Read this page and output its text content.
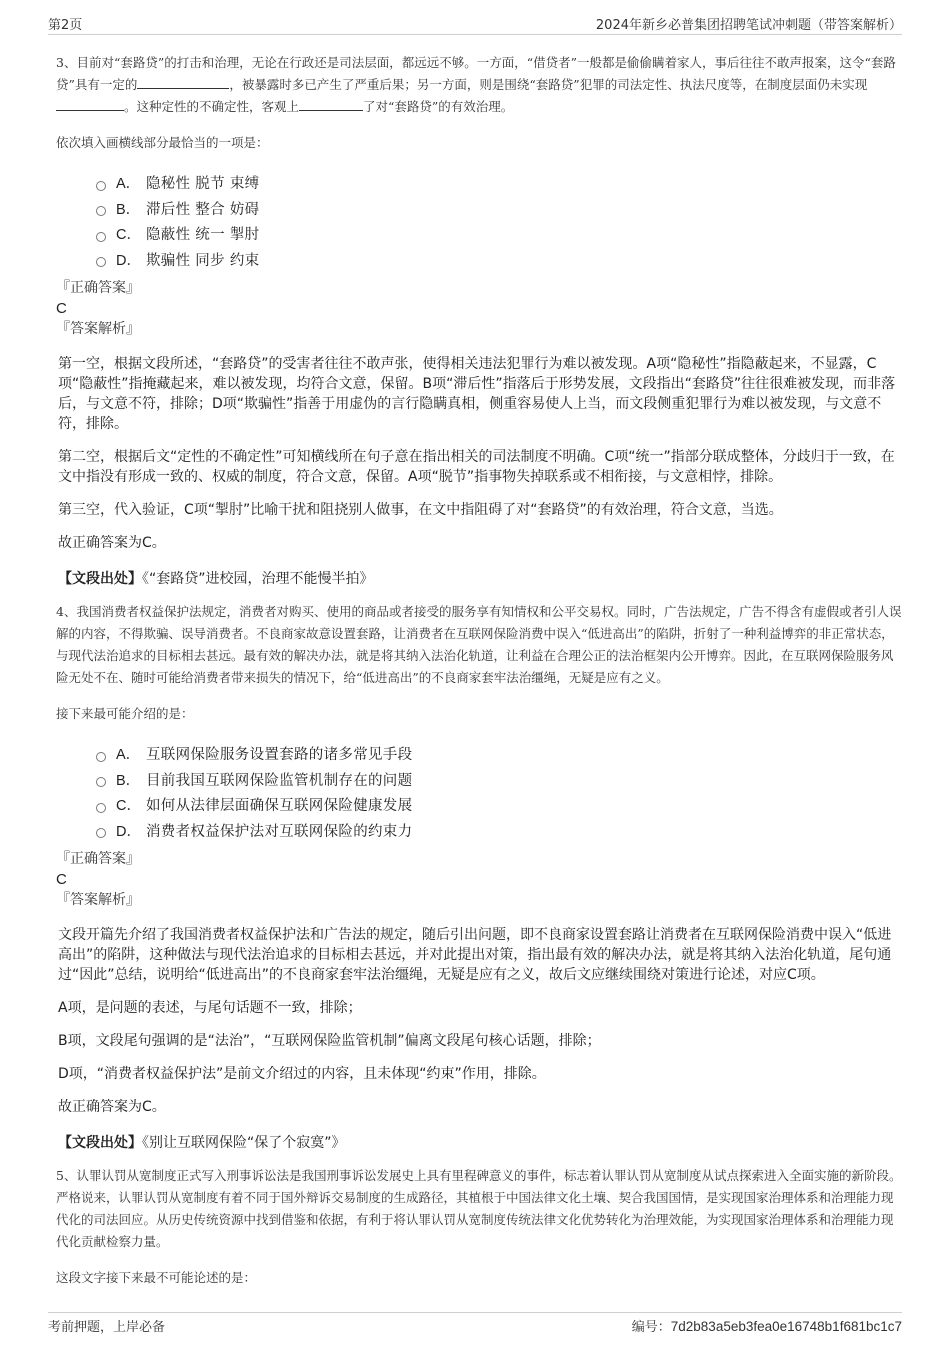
第2页	2024年新乡必普集团招聘笔试冲刺题（带答案解析）

3、目前对“套路贷”的打击和治理，无论在行政还是司法层面，都远远不够。一方面，“借贷者”一般都是偷偷瞒着家人，事后往往不敢声报案，这令“套路贷”具有一定的	，被暴露时多已产生了严重后果；另一方面，则是围绕“套路贷”犯罪的司法定性、执法尺度等，在制度层面仍未实现。这种定性的不确定性，客观上	了对“套路贷”的有效治理。

依次填入画横线部分最恰当的一项是：

A． 隐秘性 脱节 束缚
B． 滞后性 整合 妨碍
C． 隐蔽性 统一 掣肘
D． 欺骗性 同步 约束

『正确答案』

C

『答案解析』

第一空，根据文段所述，“套路贷”的受害者往往不敢声张，使得相关违法犯罪行为难以被发现。A项“隐秘性”指隐蔽起来，不显露，C项“隐蔽性”指掩藏起来，难以被发现，均符合文意，保留。B项“滞后性”指落后于形势发展，文段指出“套路贷”往往很难被发现，而非落后，与文意不符，排除；D项“欺骗性”指善于用虚伪的言行隐瞒真相，侧重容易使人上当，而文段侧重犯罪行为难以被发现，与文意不符，排除。

第二空，根据后文“定性的不确定性”可知横线所在句子意在指出相关的司法制度不明确。C项“统一”指部分联成整体，分歧归于一致，在文中指没有形成一致的、权威的制度，符合文意，保留。A项“脱节”指事物失掉联系或不相衔接，与文意相悖，排除。

第三空，代入验证，C项“掣肘”比喻干扰和阻挠别人做事，在文中指阻碍了对“套路贷”的有效治理，符合文意，当选。

故正确答案为C。

【文段出处】《“套路贷”进校园，治理不能慢半拍》

4、我国消费者权益保护法规定，消费者对购买、使用的商品或者接受的服务享有知情权和公平交易权。同时，广告法规定，广告不得含有虚假或者引人误解的内容，不得欺骗、误导消费者。不良商家故意设置套路，让消费者在互联网保险消费中误入“低进高出”的陷阱，折射了一种利益博弈的非正常状态，与现代法治追求的目标相去甚远。最有效的解决办法，就是将其纳入法治化轨道，让利益在合理公正的法治框架内公开博弈。因此，在互联网保险服务风险无处不在、随时可能给消费者带来损失的情况下，给“低进高出”的不良商家套牢法治缰绳，无疑是应有之义。

接下来最可能介绍的是：

A． 互联网保险服务设置套路的诸多常见手段
B． 目前我国互联网保险监管机制存在的问题
C． 如何从法律层面确保互联网保险健康发展
D． 消费者权益保护法对互联网保险的约束力

『正确答案』

C

『答案解析』

文段开篇先介绍了我国消费者权益保护法和广告法的规定，随后引出问题，即不良商家设置套路让消费者在互联网保险消费中误入“低进高出”的陷阱，这种做法与现代法治追求的目标相去甚远，并对此提出对策，指出最有效的解决办法，就是将其纳入法治化轨道，尾句通过“因此”总结，说明给“低进高出”的不良商家套牢法治缰绳，无疑是应有之义，故后文应继续围绕对策进行论述，对应C项。

A项，是问题的表述，与尾句话题不一致，排除；

B项，文段尾句强调的是“法治”，“互联网保险监管机制”偏离文段尾句核心话题，排除；

D项，“消费者权益保护法”是前文介绍过的内容，且未体现“约束”作用，排除。

故正确答案为C。

【文段出处】《别让互联网保险“保了个寂寞”》

5、认罪认罚从宽制度正式写入刑事诉讼法是我国刑事诉讼发展史上具有里程碑意义的事件，标志着认罪认罚从宽制度从试点探索进入全面实施的新阶段。严格说来，认罪认罚从宽制度有着不同于国外辩诉交易制度的生成路径，其植根于中国法律文化土壤、契合我国国情，是实现国家治理体系和治理能力现代化的司法回应。从历史传统资源中找到借鉴和依据，有利于将认罪认罚从宽制度传统法律文化优势转化为治理效能，为实现国家治理体系和治理能力现代化贡献检察力量。

这段文字接下来最不可能论述的是：

考前押题，上岸必备	编号：7d2b83a5eb3fea0e16748b1f681bc1c7
